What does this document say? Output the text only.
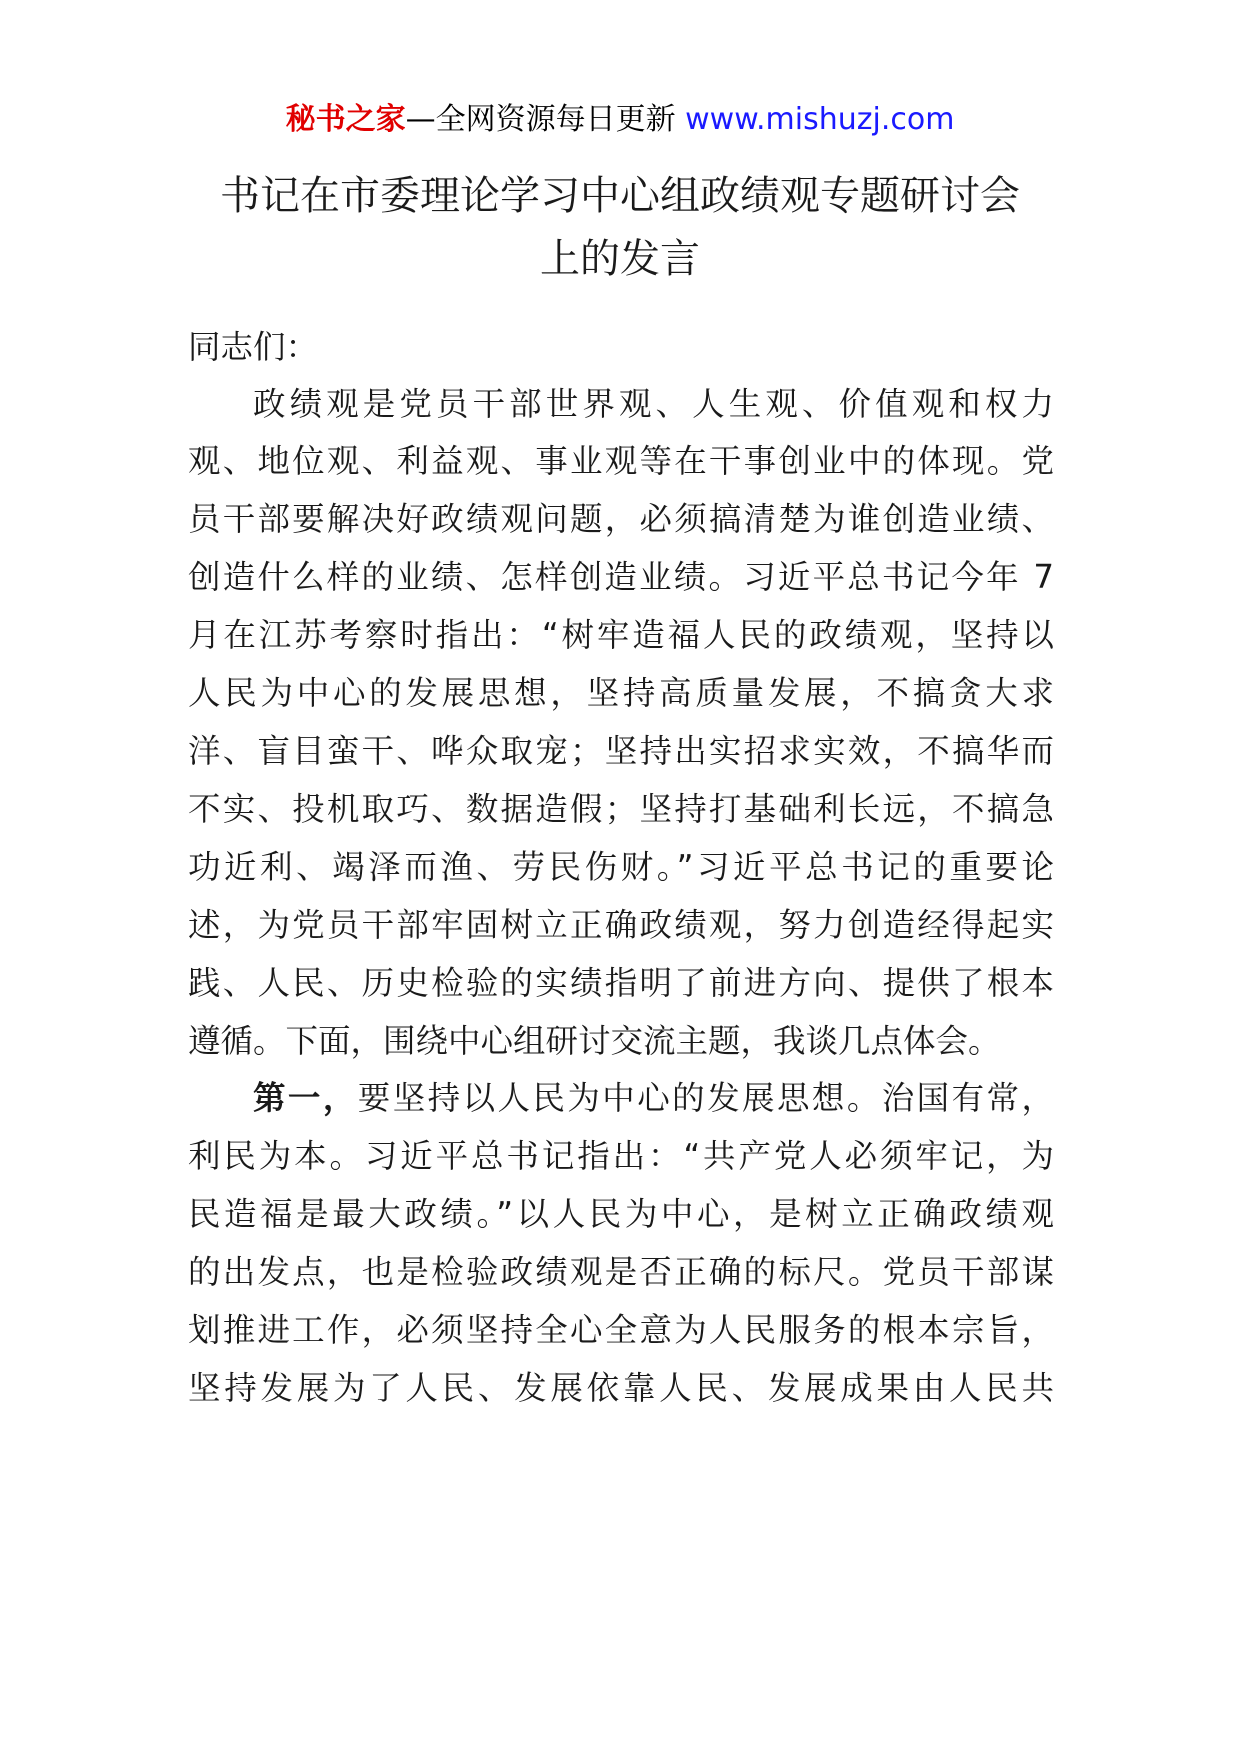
秘书之家—全网资源每日更新 www.mishuzj.com
书记在市委理论学习中心组政绩观专题研讨会
上的发言
同志们：
政绩观是党员干部世界观、人生观、价值观和权力
观、地位观、利益观、事业观等在干事创业中的体现。党
员干部要解决好政绩观问题，必须搞清楚为谁创造业绩、
创造什么样的业绩、怎样创造业绩。习近平总书记今年 7
月在江苏考察时指出：“树牢造福人民的政绩观，坚持以
人民为中心的发展思想，坚持高质量发展，不搞贪大求
洋、盲目蛮干、哗众取宠；坚持出实招求实效，不搞华而
不实、投机取巧、数据造假；坚持打基础利长远，不搞急
功近利、竭泽而渔、劳民伤财。”习近平总书记的重要论
述，为党员干部牢固树立正确政绩观，努力创造经得起实
践、人民、历史检验的实绩指明了前进方向、提供了根本
遵循。下面，围绕中心组研讨交流主题，我谈几点体会。
第一，要坚持以人民为中心的发展思想。治国有常，
利民为本。习近平总书记指出：“共产党人必须牢记，为
民造福是最大政绩。”以人民为中心，是树立正确政绩观
的出发点，也是检验政绩观是否正确的标尺。党员干部谋
划推进工作，必须坚持全心全意为人民服务的根本宗旨，
坚持发展为了人民、发展依靠人民、发展成果由人民共
